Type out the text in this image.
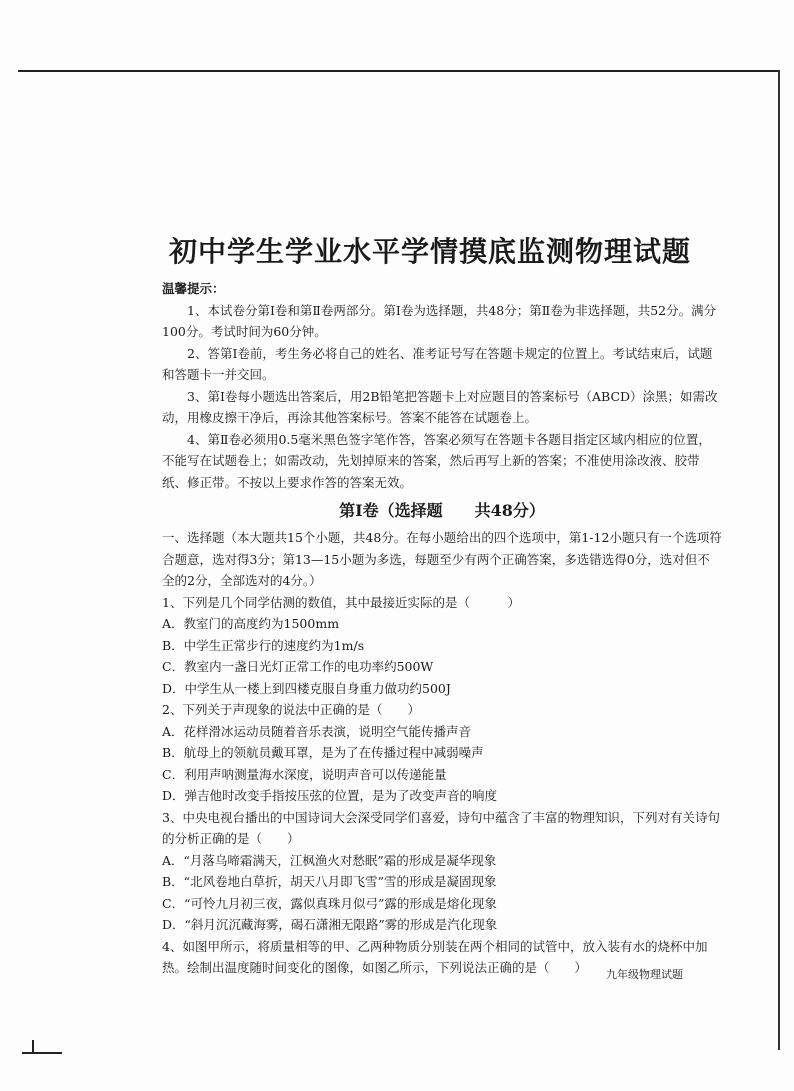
初中学生学业水平学情摸底监测物理试题

温馨提示：

1、本试卷分第Ⅰ卷和第Ⅱ卷两部分。第Ⅰ卷为选择题，共48分；第Ⅱ卷为非选择题，共52分。满分100分。考试时间为60分钟。

2、答第Ⅰ卷前，考生务必将自己的姓名、准考证号写在答题卡规定的位置上。考试结束后，试题和答题卡一并交回。

3、第Ⅰ卷每小题选出答案后，用2B铅笔把答题卡上对应题目的答案标号（ABCD）涂黑；如需改动，用橡皮擦干净后，再涂其他答案标号。答案不能答在试题卷上。

4、第Ⅱ卷必须用0.5毫米黑色签字笔作答，答案必须写在答题卡各题目指定区域内相应的位置，不能写在试题卷上；如需改动，先划掉原来的答案，然后再写上新的答案；不准使用涂改液、胶带纸、修正带。不按以上要求作答的答案无效。

第Ⅰ卷（选择题　　共48分）

一、选择题（本大题共15个小题，共48分。在每小题给出的四个选项中，第1-12小题只有一个选项符合题意，选对得3分；第13—15小题为多选，每题至少有两个正确答案，多选错选得0分，选对但不全的2分，全部选对的4分。）

1、下列是几个同学估测的数值，其中最接近实际的是（　　　）

A．教室门的高度约为1500mm

B．中学生正常步行的速度约为1m/s

C．教室内一盏日光灯正常工作的电功率约500W

D．中学生从一楼上到四楼克服自身重力做功约500J

2、下列关于声现象的说法中正确的是（　　）

A．花样滑冰运动员随着音乐表演，说明空气能传播声音

B．航母上的领航员戴耳罩，是为了在传播过程中减弱噪声

C．利用声呐测量海水深度，说明声音可以传递能量

D．弹吉他时改变手指按压弦的位置，是为了改变声音的响度

3、中央电视台播出的中国诗词大会深受同学们喜爱，诗句中蕴含了丰富的物理知识，下列对有关诗句的分析正确的是（　　）

A．“月落乌啼霜满天，江枫渔火对愁眠”霜的形成是凝华现象

B．“北风卷地白草折，胡天八月即飞雪”雪的形成是凝固现象

C．“可怜九月初三夜，露似真珠月似弓”露的形成是熔化现象

D．“斜月沉沉藏海雾，碣石潇湘无限路”雾的形成是汽化现象

4、如图甲所示，将质量相等的甲、乙两种物质分别装在两个相同的试管中，放入装有水的烧杯中加热。绘制出温度随时间变化的图像，如图乙所示，下列说法正确的是（　　）	九年级物理试题
